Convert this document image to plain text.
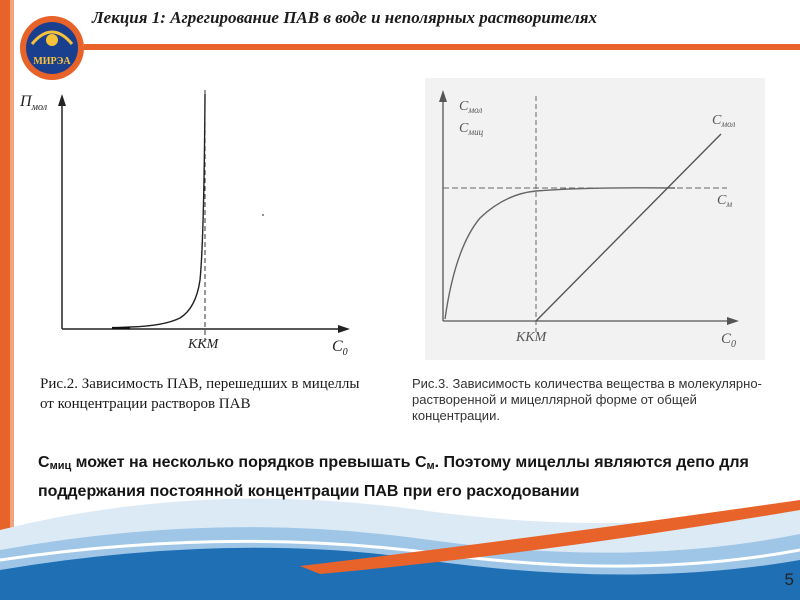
МИРЭА
Лекция 1: Агрегирование ПАВ в воде и неполярных растворителях
$П_{мол}$
ККМ	$C_0$
Рис.2. Зависимость ПАВ, перешедших в мицеллы
от концентрации растворов ПАВ
$C_{мол}$
$C_{миц}$
$C_{мол}$
$C_м$
ККМ	$C_0$
Рис.3. Зависимость количества вещества в молекулярно-
растворенной и мицеллярной форме от общей
концентрации.
$C_{миц}$ может на несколько порядков превышать $C_м$. Поэтому мицеллы являются депо для поддержания постоянной концентрации ПАВ при его расходовании
5
